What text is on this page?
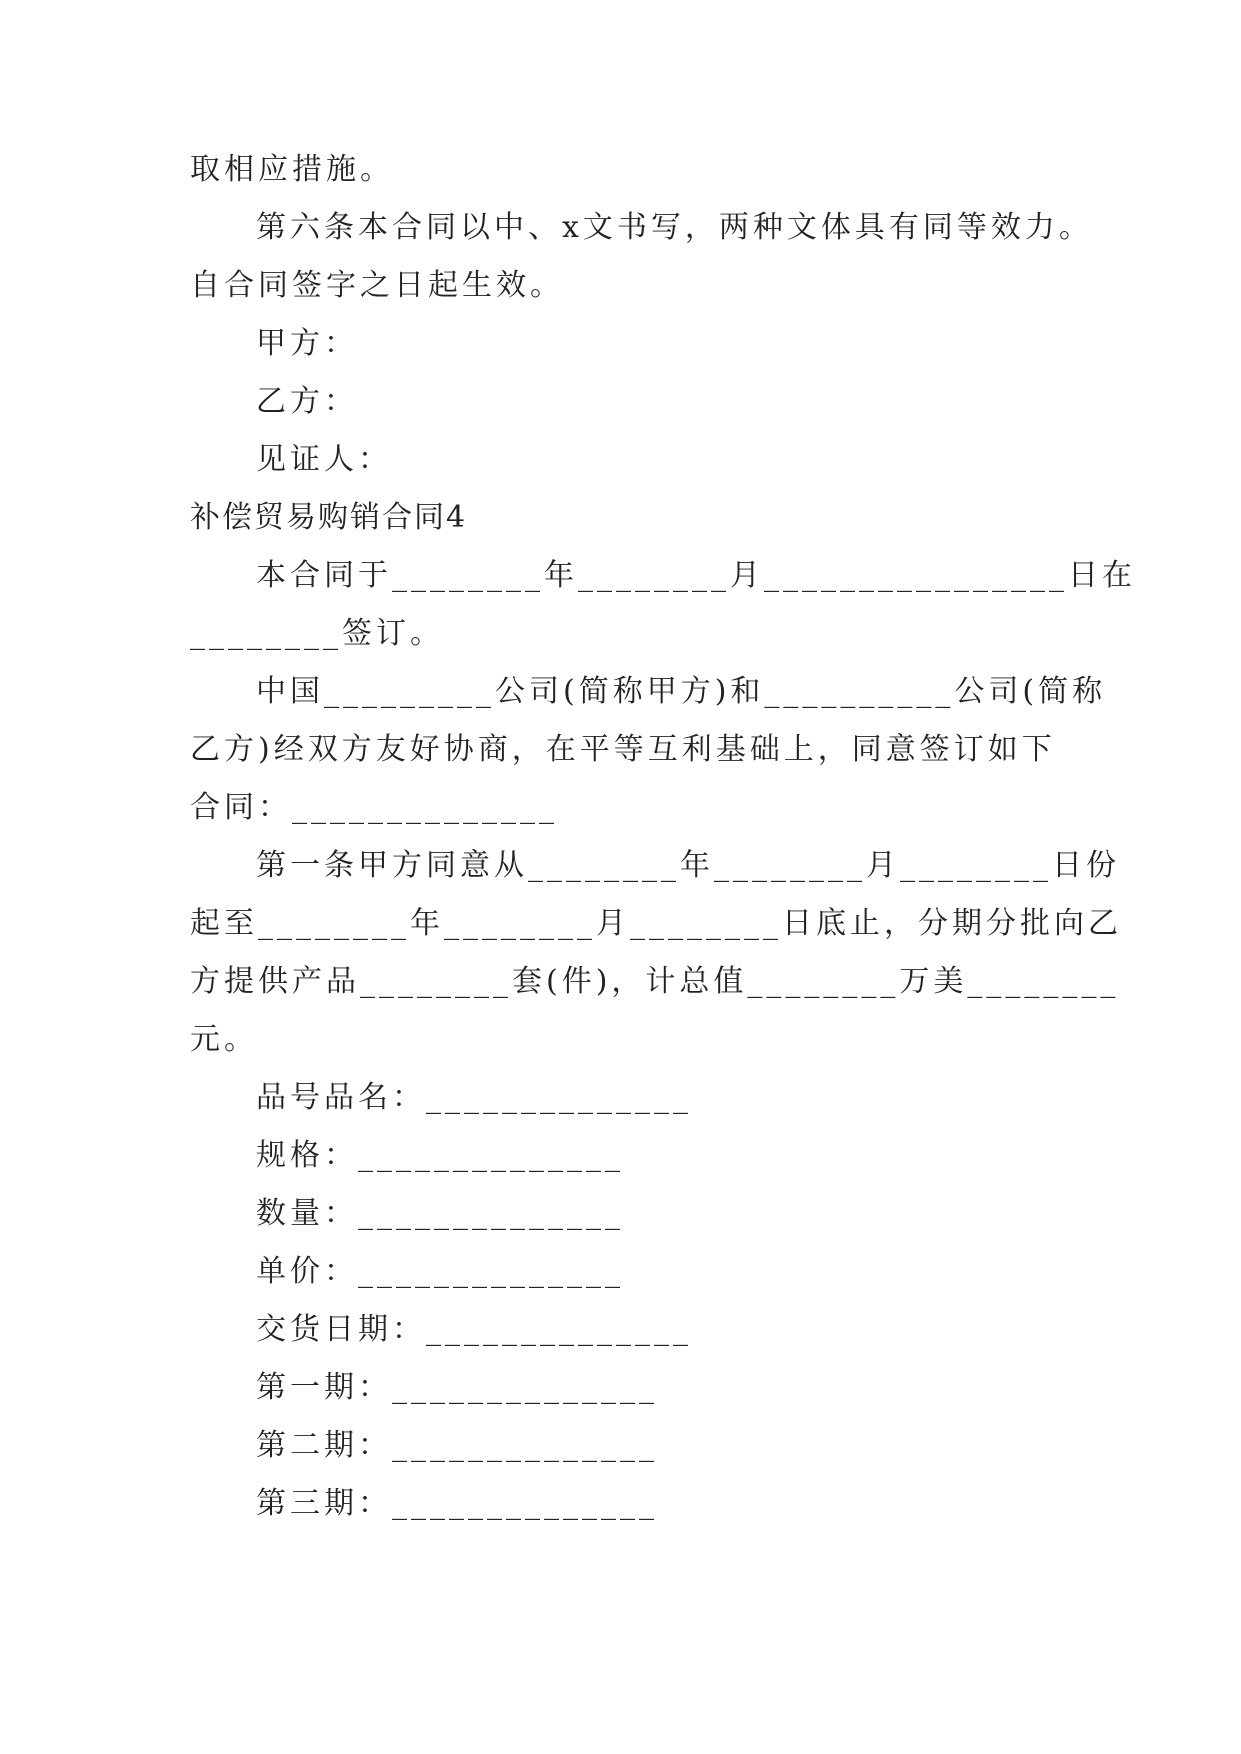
取相应措施。
第六条本合同以中、x文书写，两种文体具有同等效力。
自合同签字之日起生效。
甲方：
乙方：
见证人：
补偿贸易购销合同4
本合同于________年________月________________日在
________签订。
中国_________公司(简称甲方)和__________公司(简称
乙方)经双方友好协商，在平等互利基础上，同意签订如下
合同：______________
第一条甲方同意从________年________月________日份
起至________年________月________日底止，分期分批向乙
方提供产品________套(件)，计总值________万美________
元。
品号品名：______________
规格：______________
数量：______________
单价：______________
交货日期：______________
第一期：______________
第二期：______________
第三期：______________
